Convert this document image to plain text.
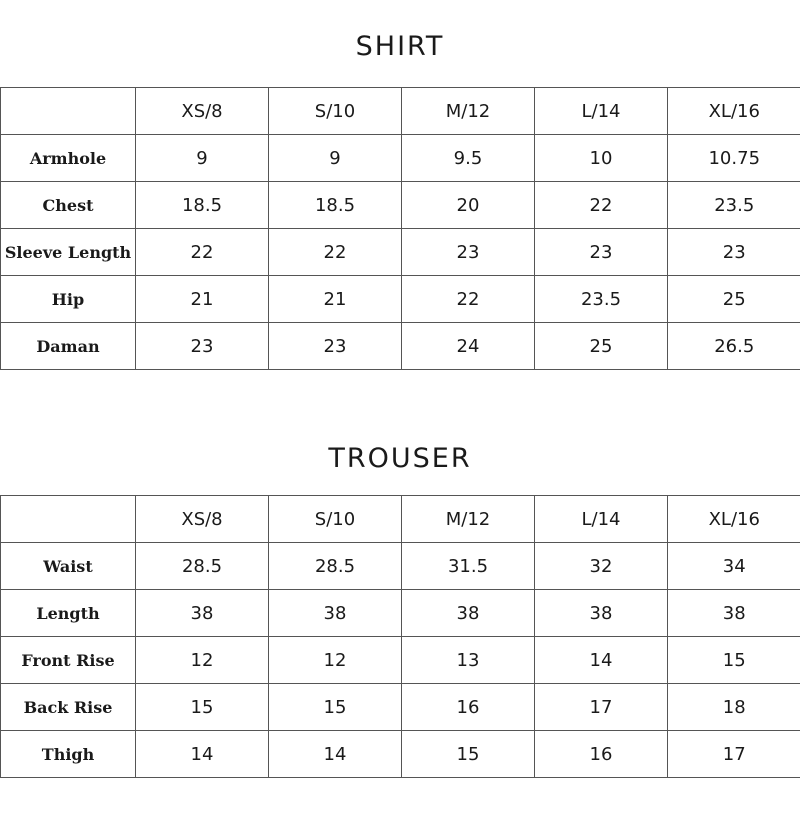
SHIRT
	XS/8	S/10	M/12	L/14	XL/16
Armhole	9	9	9.5	10	10.75
Chest	18.5	18.5	20	22	23.5
Sleeve Length	22	22	23	23	23
Hip	21	21	22	23.5	25
Daman	23	23	24	25	26.5
TROUSER
	XS/8	S/10	M/12	L/14	XL/16
Waist	28.5	28.5	31.5	32	34
Length	38	38	38	38	38
Front Rise	12	12	13	14	15
Back Rise	15	15	16	17	18
Thigh	14	14	15	16	17
